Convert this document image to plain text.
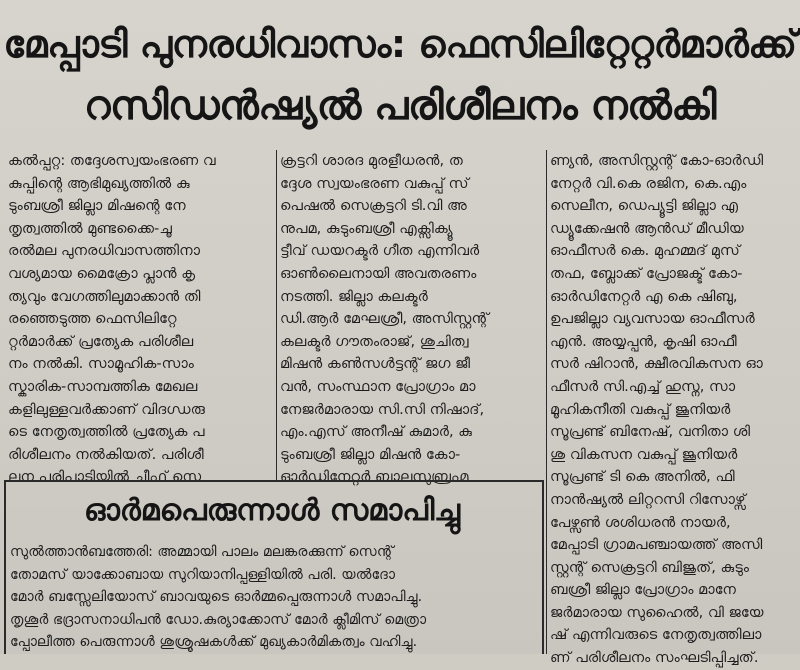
മേപ്പാടി പുനരധിവാസം: ഫെസിലിറ്റേറ്റർമാർക്ക്
റസിഡൻഷ്യൽ പരിശീലനം നൽകി
കൽപ്പറ്റ: തദ്ദേശസ്വയംഭരണ വ
കുപ്പിന്റെ ആഭിമുഖ്യത്തിൽ കു
ടുംബശ്രീ ജില്ലാ മിഷന്റെ നേ
തൃത്വത്തിൽ മുണ്ടക്കൈ-ചൂ
രൽമല പുനരധിവാസത്തിനാ
വശ്യമായ മൈക്രോ പ്ലാൻ കൃ
ത്യവും വേഗത്തിലുമാക്കാൻ തി
രഞ്ഞെടുത്ത ഫെസിലിറ്റേ
റ്റർമാർക്ക് പ്രത്യേക പരിശീല
നം നൽകി. സാമൂഹിക-സാം
സ്കാരിക-സാമ്പത്തിക മേഖല
കളിലുള്ളവർക്കാണ് വിദഗ്ധരു
ടെ നേതൃത്വത്തിൽ പ്രത്യേക പ
രിശീലനം നൽകിയത്. പരിശീ
ലന പരിപാടിയിൽ ചീഫ് സെ
ക്രട്ടറി ശാരദ മുരളീധരൻ, ത
ദ്ദേശ സ്വയംഭരണ വകുപ്പ് സ്
പെഷൽ സെക്രട്ടറി ടി.വി അ
നുപമ, കുടുംബശ്രീ എക്സിക്യൂ
ട്ടീവ് ഡയറക്ടർ ഗീത എന്നിവർ
ഓൺലൈനായി അവതരണം
നടത്തി. ജില്ലാ കലക്ടർ
ഡി.ആർ മേഘശ്രീ, അസിസ്റ്റന്റ്
കലക്ടർ ഗൗതംരാജ്, ശുചിത്വ
മിഷൻ കൺസൾട്ടന്റ് ജഗ ജീ
വൻ, സംസ്ഥാന പ്രോഗ്രാം മാ
നേജർമാരായ സി.സി നിഷാദ്,
എം.എസ് അനീഷ് കുമാർ, കു
ടുംബശ്രീ ജില്ലാ മിഷൻ കോ-
ഓർഡിനേറ്റർ ബാലസുബ്രഹ്മ
ണ്യൻ, അസിസ്റ്റന്റ് കോ-ഓർഡി
നേറ്റർ വി.കെ രജിന, കെ.എം
സെലീന, ഡെപ്യൂട്ടി ജില്ലാ എ
ഡ്യൂക്കേഷൻ ആൻഡ് മീഡിയ
ഓഫീസർ കെ. മുഹമ്മദ് മുസ്
തഫ, ബ്ലോക്ക് പ്രോജക്ട് കോ-
ഓർഡിനേറ്റർ എ കെ ഷിബു,
ഉപജില്ലാ വ്യവസായ ഓഫീസർ
എൻ. അയ്യപ്പൻ, കൃഷി ഓഫീ
സർ ഷിറാൻ, ക്ഷീരവികസന ഓ
ഫീസർ സി.എച്ച് ഹുസ്ന, സാ
മൂഹികനീതി വകുപ്പ് ജൂനിയർ
സൂപ്രണ്ട് ബിനേഷ്, വനിതാ ശി
ശു വികസന വകുപ്പ് ജൂനിയർ
സൂപ്രണ്ട് ടി കെ അനിൽ, ഫി
നാൻഷ്യൽ ലിറ്ററസി റിസോഴ്സ്
പേഴ്സൺ ശശിധരൻ നായർ,
മേപ്പാടി ഗ്രാമപഞ്ചായത്ത് അസി
സ്റ്റന്റ് സെക്രട്ടറി ബിജുത്, കുടും
ബശ്രീ ജില്ലാ പ്രോഗ്രാം മാനേ
ജർമാരായ സുഹൈൽ, വി ജയേ
ഷ് എന്നിവരുടെ നേതൃത്വത്തിലാ
ണ് പരിശീലനം സംഘടിപ്പിച്ചത്.
ഓർമപെരുന്നാൾ സമാപിച്ചു
സുൽത്താൻബത്തേരി: അമ്മായി പാലം മലങ്കരക്കുന്ന് സെന്റ്
തോമസ് യാക്കോബായ സുറിയാനിപ്പള്ളിയിൽ പരി. യൽദോ
മോർ ബസ്സേലിയോസ് ബാവയുടെ ഓർമ്മപ്പെരുന്നാൾ സമാപിച്ചു.
തൃശൂർ ഭദ്രാസനാധിപൻ ഡോ.കുര്യാക്കോസ് മോർ ക്ലീമിസ് മെത്രാ
പ്പോലീത്ത പെരുന്നാൾ ശുശ്രൂഷകൾക്ക് മുഖ്യകാർമികത്വം വഹിച്ചു.
